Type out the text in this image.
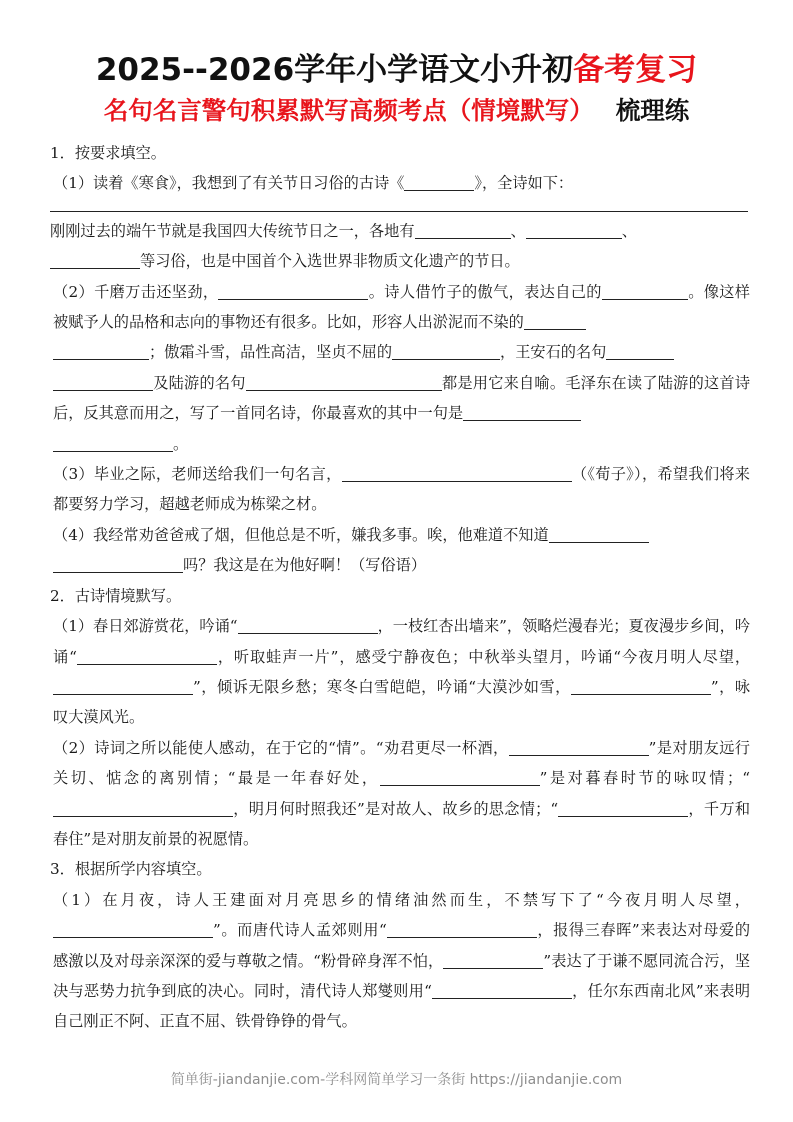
2025--2026学年小学语文小升初备考复习
名句名言警句积累默写高频考点（情境默写） 梳理练

1．按要求填空。

（1）读着《寒食》，我想到了有关节日习俗的古诗《	》，全诗如下：

刚刚过去的端午节就是我国四大传统节日之一，各地有	、	、
等习俗，也是中国首个入选世界非物质文化遗产的节日。

（2）千磨万击还坚劲，	。诗人借竹子的傲气，表达自己的	。像这样被赋予人的品格和志向的事物还有很多。比如，形容人出淤泥而不染的
；傲霜斗雪，品性高洁，坚贞不屈的	，王安石的名句
及陆游的名句	都是用它来自喻。毛泽东在读了陆游的这首诗后，反其意而用之，写了一首同名诗，你最喜欢的其中一句是
。

（3）毕业之际，老师送给我们一句名言，	（《荀子》），希望我们将来都要努力学习，超越老师成为栋梁之材。

（4）我经常劝爸爸戒了烟，但他总是不听，嫌我多事。唉，他难道不知道
吗？我这是在为他好啊！（写俗语）

2．古诗情境默写。

（1）春日郊游赏花，吟诵“	，一枝红杏出墙来”，领略烂漫春光；夏夜漫步乡间，吟诵“	，听取蛙声一片”，感受宁静夜色；中秋举头望月，吟诵“今夜月明人尽望，”，倾诉无限乡愁；寒冬白雪皑皑，吟诵“大漠沙如雪，	”，咏叹大漠风光。

（2）诗词之所以能使人感动，在于它的“情”。“劝君更尽一杯酒，	”是对朋友远行关切、惦念的离别情；“最是一年春好处，	”是对暮春时节的咏叹情；“，明月何时照我还”是对故人、故乡的思念情；“	，千万和春住”是对朋友前景的祝愿情。

3．根据所学内容填空。

（1）在月夜，诗人王建面对月亮思乡的情绪油然而生，不禁写下了“今夜月明人尽望，”。而唐代诗人孟郊则用“	，报得三春晖”来表达对母爱的感激以及对母亲深深的爱与尊敬之情。“粉骨碎身浑不怕，	”表达了于谦不愿同流合污，坚决与恶势力抗争到底的决心。同时，清代诗人郑燮则用“	，任尔东西南北风”来表明自己刚正不阿、正直不屈、铁骨铮铮的骨气。

简单街-jiandanjie.com-学科网简单学习一条街 https://jiandanjie.com
